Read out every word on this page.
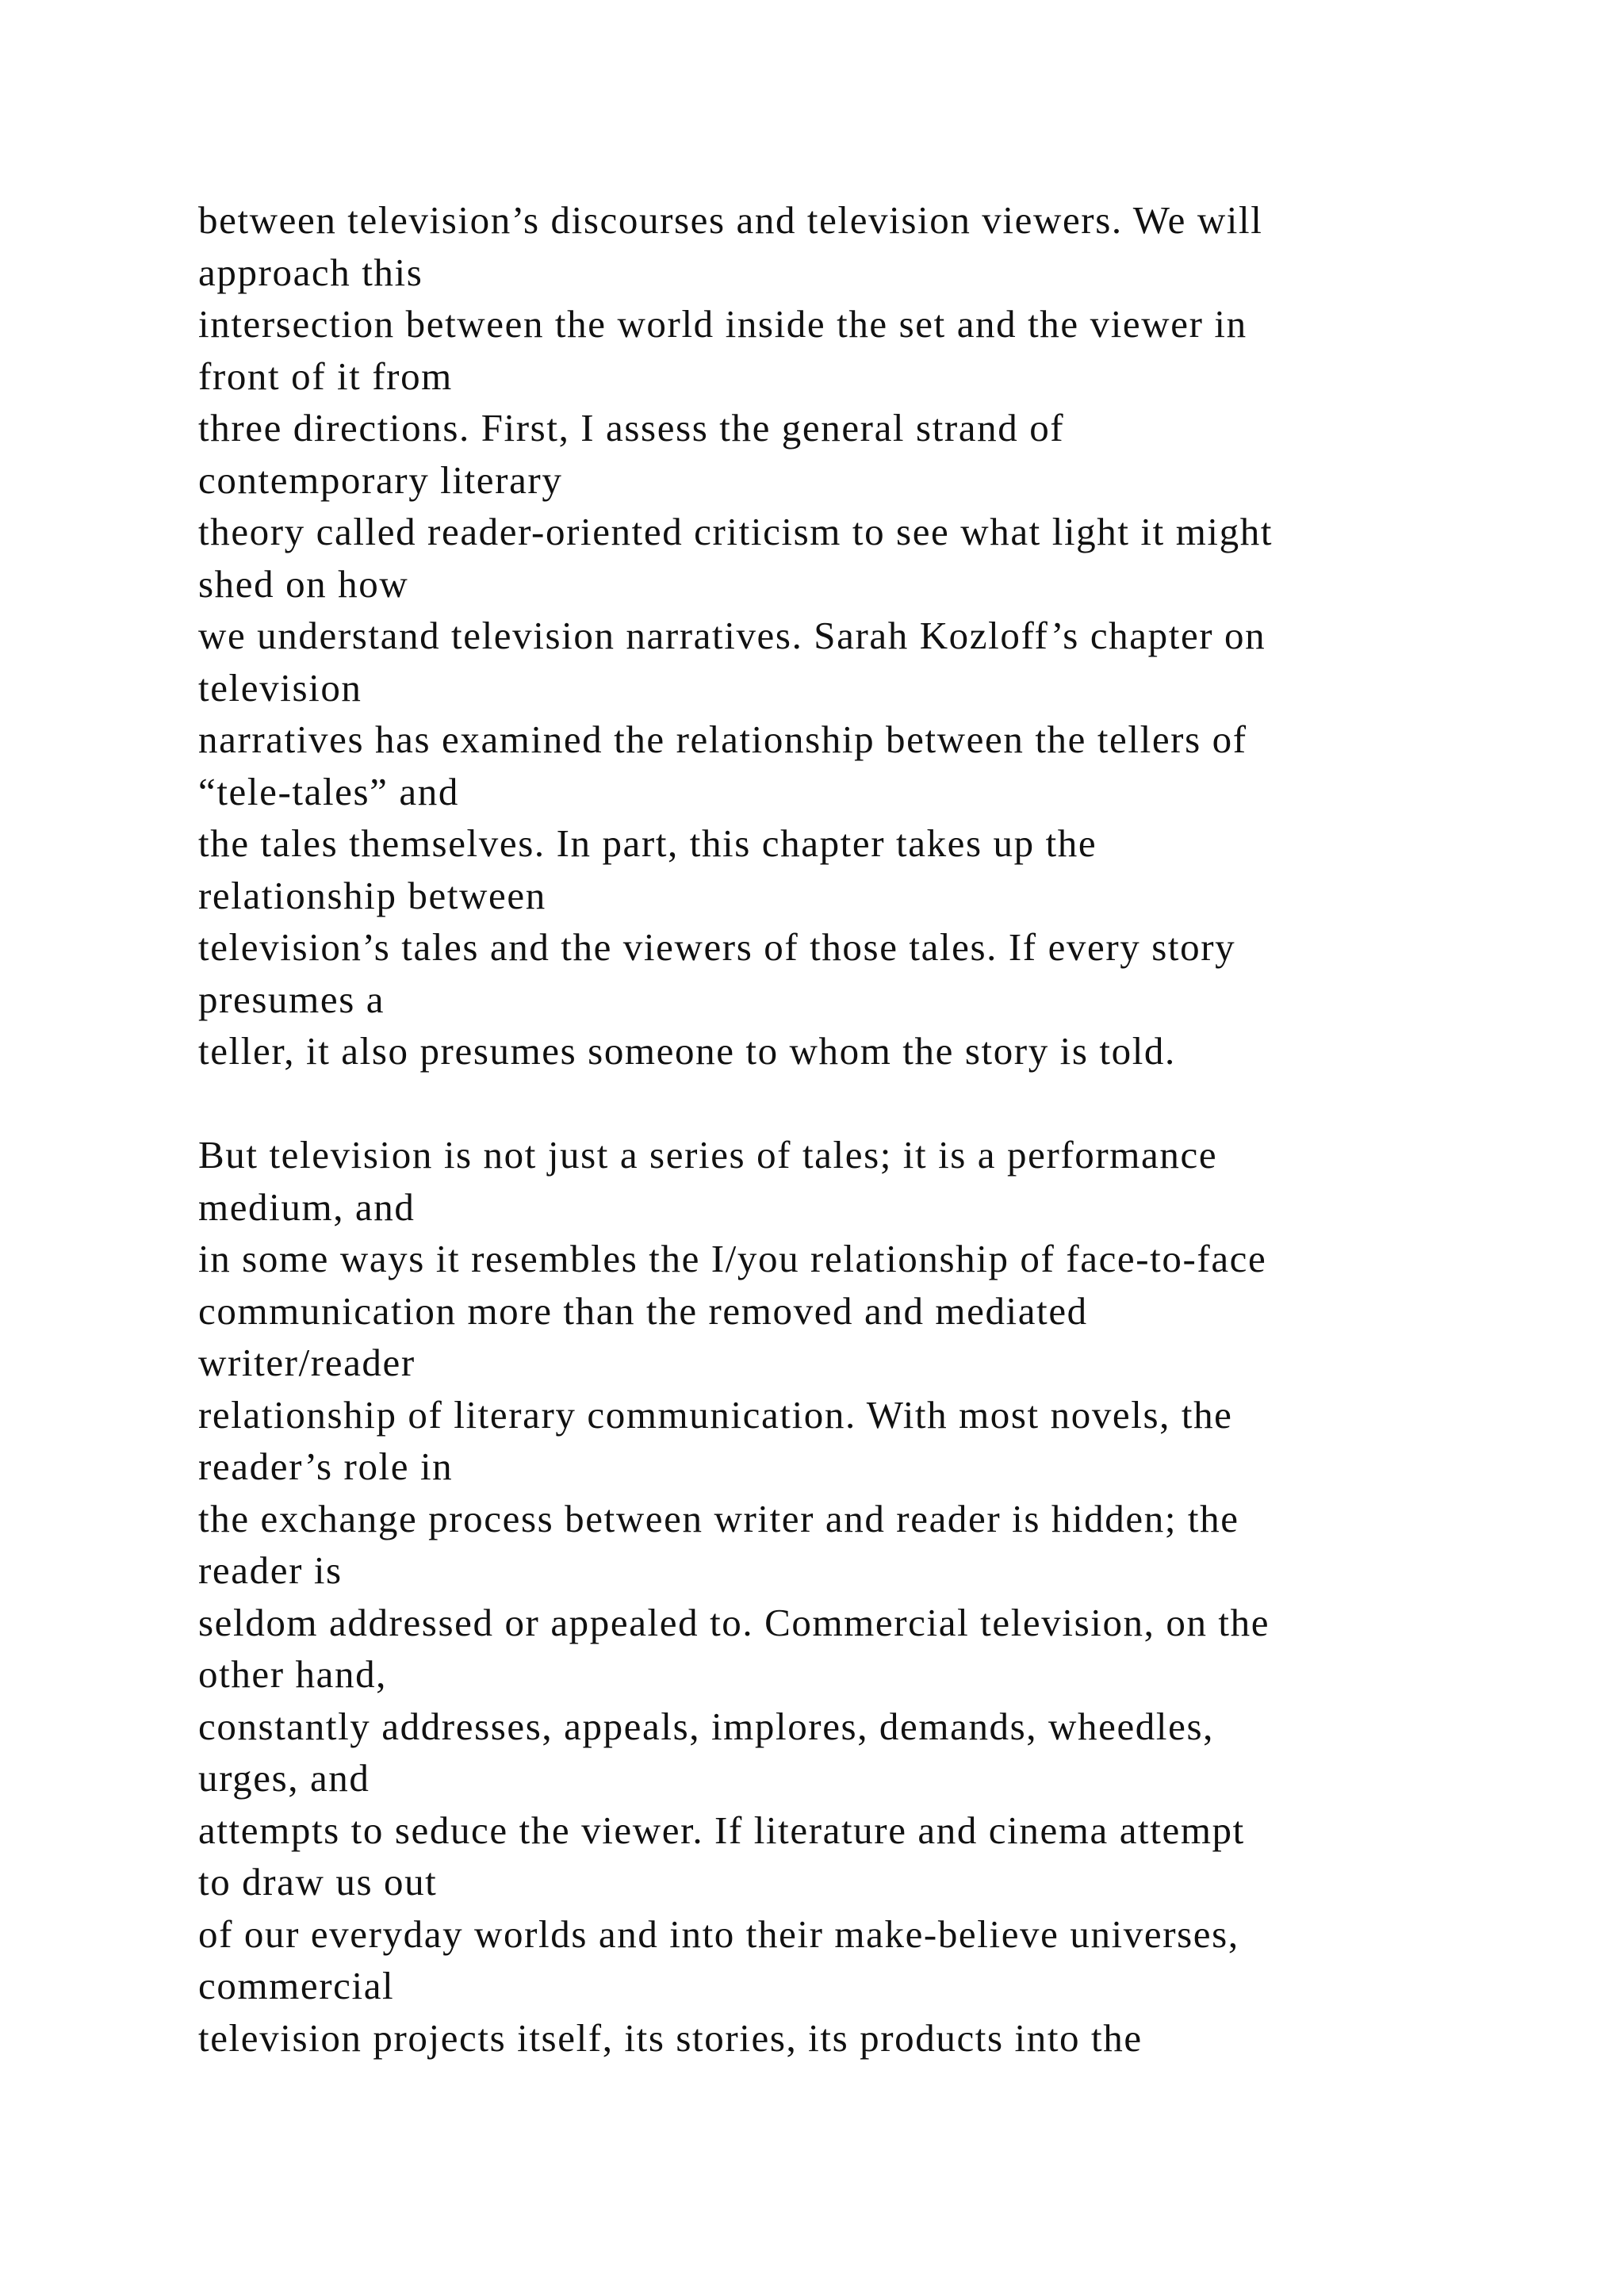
between television’s discourses and television viewers. We will
approach this
intersection between the world inside the set and the viewer in
front of it from
three directions. First, I assess the general strand of
contemporary literary
theory called reader-oriented criticism to see what light it might
shed on how
we understand television narratives. Sarah Kozloff’s chapter on
television
narratives has examined the relationship between the tellers of
“tele-tales” and
the tales themselves. In part, this chapter takes up the
relationship between
television’s tales and the viewers of those tales. If every story
presumes a
teller, it also presumes someone to whom the story is told.
But television is not just a series of tales; it is a performance
medium, and
in some ways it resembles the I/you relationship of face-to-face
communication more than the removed and mediated
writer/reader
relationship of literary communication. With most novels, the
reader’s role in
the exchange process between writer and reader is hidden; the
reader is
seldom addressed or appealed to. Commercial television, on the
other hand,
constantly addresses, appeals, implores, demands, wheedles,
urges, and
attempts to seduce the viewer. If literature and cinema attempt
to draw us out
of our everyday worlds and into their make-believe universes,
commercial
television projects itself, its stories, its products into the
